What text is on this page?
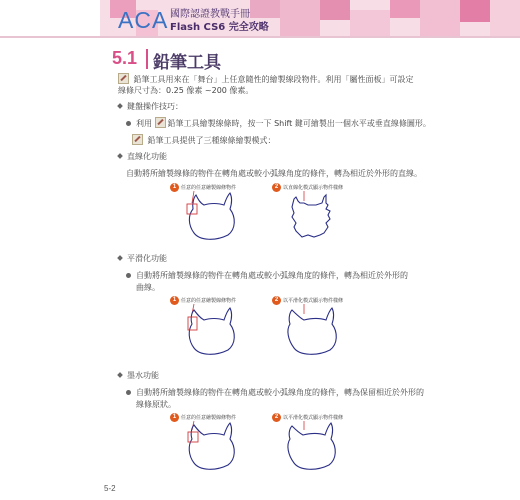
ACA 國際認證教戰手冊
Flash CS6 完全攻略
5.1 鉛筆工具
鉛筆工具用來在「舞台」上任意隨性的繪製線段物件。利用「屬性面板」可設定
線條尺寸為：0.25 像素 ~200 像素。
鍵盤操作技巧：
利用 鉛筆工具繪製線條時，按一下 Shift 鍵可繪製出一個水平或垂直線條圖形。
鉛筆工具提供了三種線條繪製模式：
直線化功能
自動將所繪製線條的物件在轉角處或較小弧線角度的條件，轉為相近於外形的直線。
1 任意的任意繪製線條物件	2 以直線化模式顯示物件樣條
平滑化功能
自動將所繪製線條的物件在轉角處或較小弧線角度的條件，轉為相近於外形的
曲線。
1 任意的任意繪製線條物件	2 以平滑化模式顯示物件樣條
墨水功能
自動將所繪製線條的物件在轉角處或較小弧線角度的條件，轉為保留相近於外形的
線條原狀。
1 任意的任意繪製線條物件	2 以平滑化模式顯示物件樣條
5-2
